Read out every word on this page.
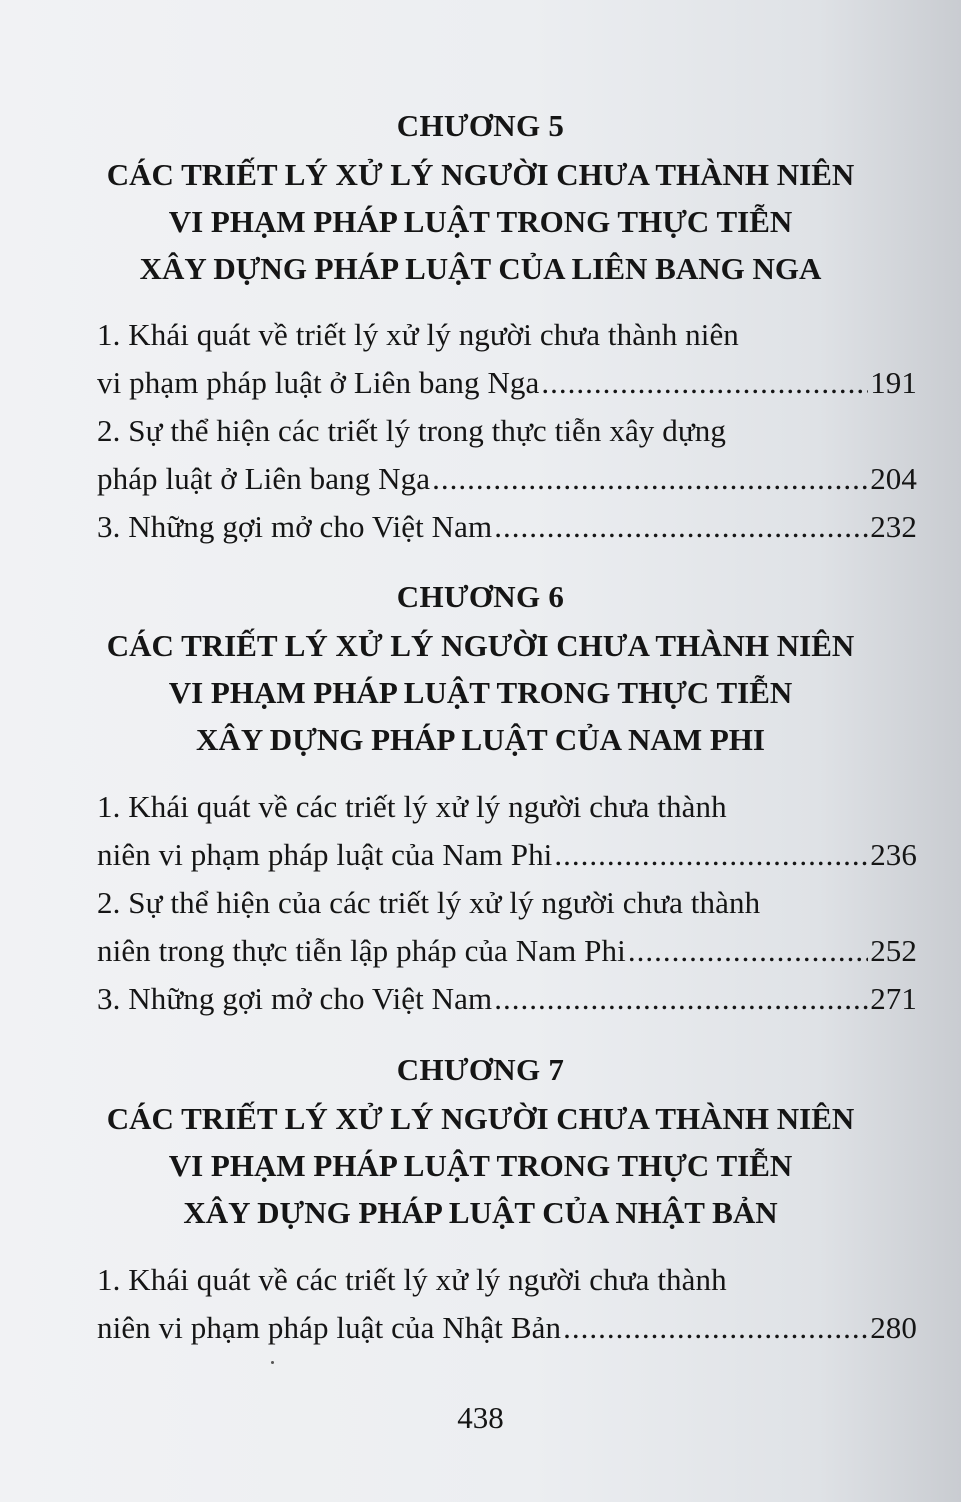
CHƯƠNG 5

CÁC TRIẾT LÝ XỬ LÝ NGƯỜI CHƯA THÀNH NIÊN

VI PHẠM PHÁP LUẬT TRONG THỰC TIỄN

XÂY DỰNG PHÁP LUẬT CỦA LIÊN BANG NGA

1. Khái quát về triết lý xử lý người chưa thành niên
vi phạm pháp luật ở Liên bang Nga .....	191
2. Sự thể hiện các triết lý trong thực tiễn xây dựng
pháp luật ở Liên bang Nga .....	204
3. Những gợi mở cho Việt Nam .....	232

CHƯƠNG 6

CÁC TRIẾT LÝ XỬ LÝ NGƯỜI CHƯA THÀNH NIÊN

VI PHẠM PHÁP LUẬT TRONG THỰC TIỄN

XÂY DỰNG PHÁP LUẬT CỦA NAM PHI

1. Khái quát về các triết lý xử lý người chưa thành
niên vi phạm pháp luật của Nam Phi .....	236
2. Sự thể hiện của các triết lý xử lý người chưa thành
niên trong thực tiễn lập pháp của Nam Phi .....	252
3. Những gợi mở cho Việt Nam .....	271

CHƯƠNG 7

CÁC TRIẾT LÝ XỬ LÝ NGƯỜI CHƯA THÀNH NIÊN

VI PHẠM PHÁP LUẬT TRONG THỰC TIỄN

XÂY DỰNG PHÁP LUẬT CỦA NHẬT BẢN

1. Khái quát về các triết lý xử lý người chưa thành
niên vi phạm pháp luật của Nhật Bản .....	280
438
